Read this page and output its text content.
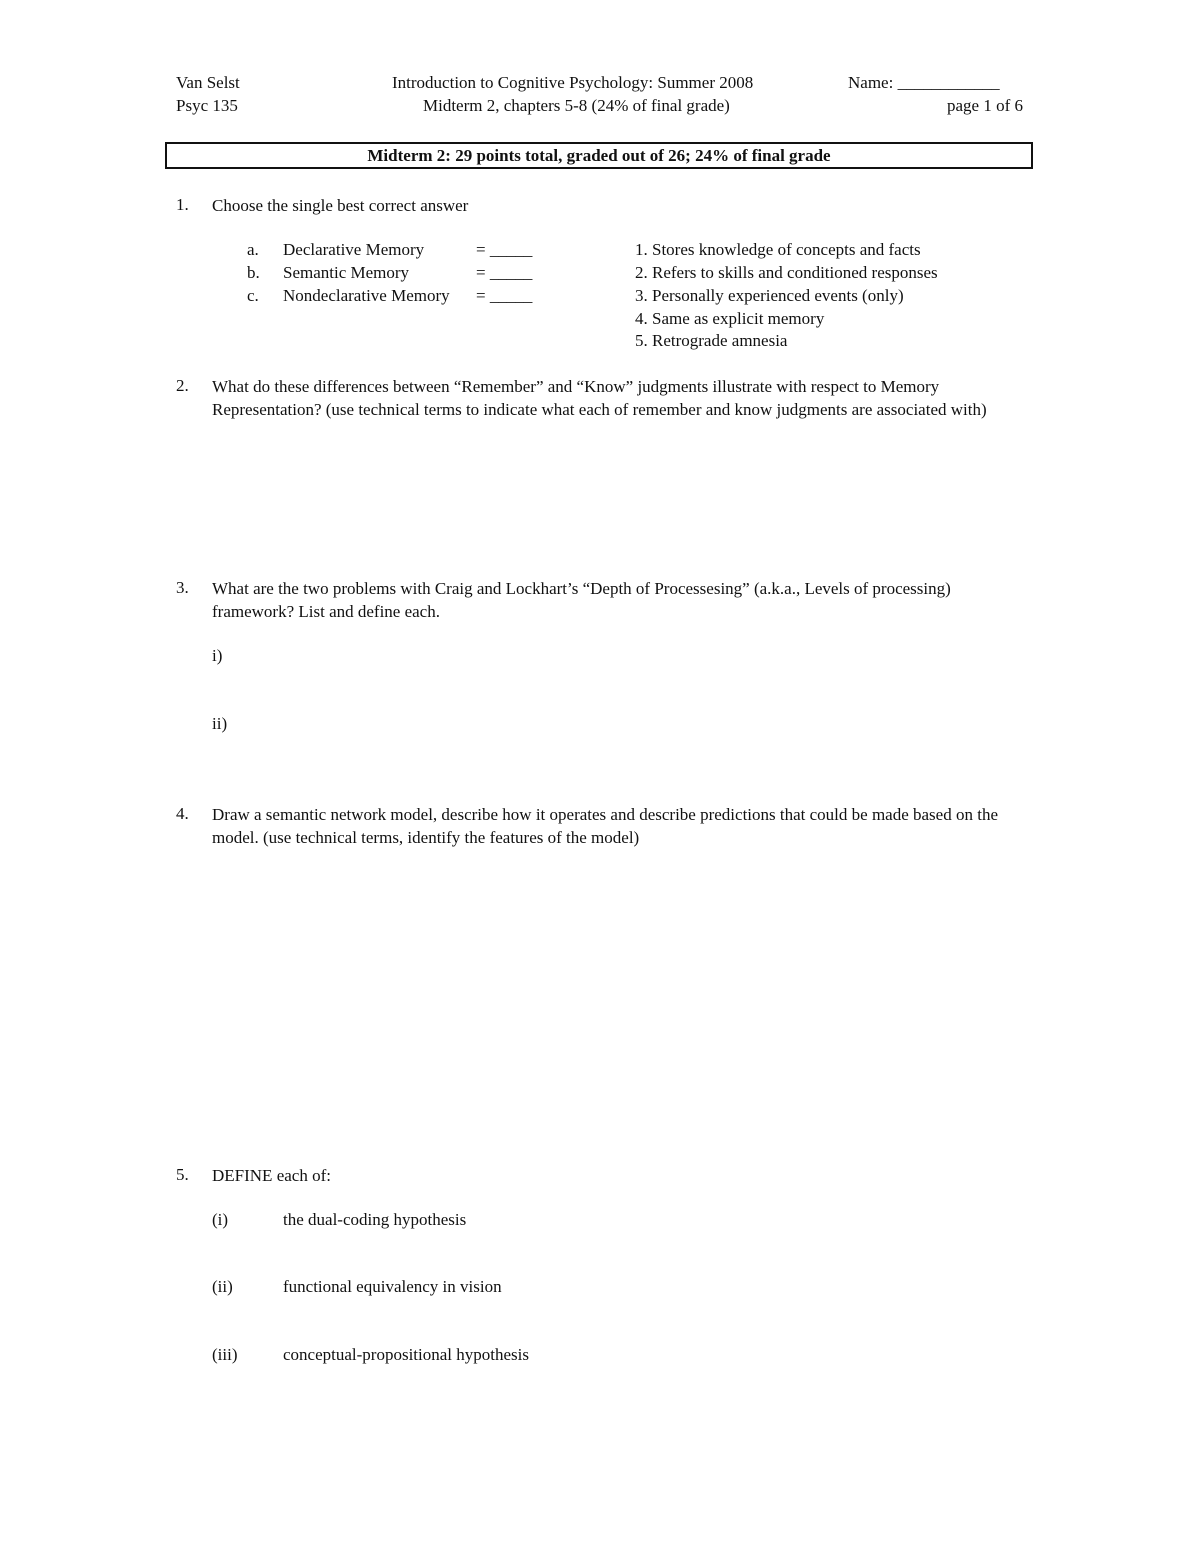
Van Selst
Psyc 135
Introduction to Cognitive Psychology: Summer 2008
Midterm 2, chapters 5-8 (24% of final grade)
Name: ____________
page 1 of 6
Midterm 2: 29 points total, graded out of 26; 24% of final grade
1. Choose the single best correct answer
a. Declarative Memory	= _____
b. Semantic Memory	= _____
c. Nondeclarative Memory = _____
1. Stores knowledge of concepts and facts
2. Refers to skills and conditioned responses
3. Personally experienced events (only)
4. Same as explicit memory
5. Retrograde amnesia
2. What do these differences between “Remember” and “Know” judgments illustrate with respect to Memory Representation? (use technical terms to indicate what each of remember and know judgments are associated with)
3. What are the two problems with Craig and Lockhart’s “Depth of Processesing” (a.k.a., Levels of processing) framework? List and define each.
i)
ii)
4. Draw a semantic network model, describe how it operates and describe predictions that could be made based on the model. (use technical terms, identify the features of the model)
5. DEFINE each of:
(i)	the dual-coding hypothesis
(ii)	functional equivalency in vision
(iii)	conceptual-propositional hypothesis
